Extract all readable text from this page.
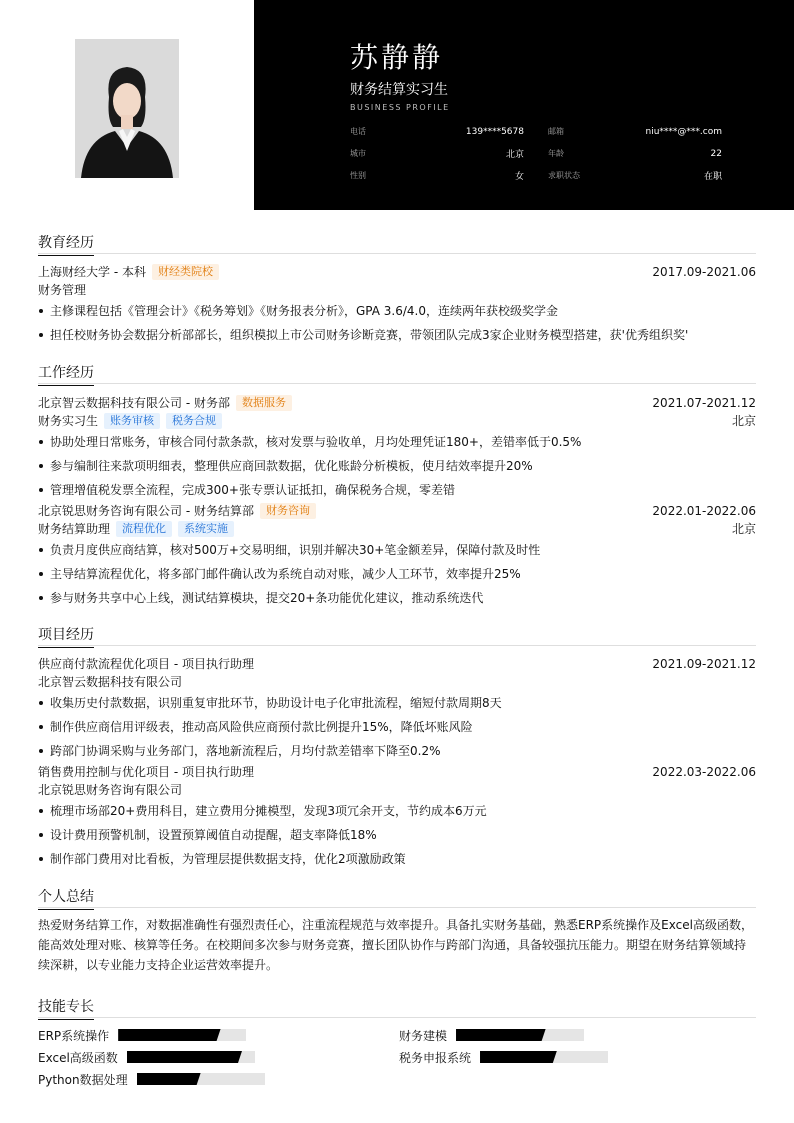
苏静静
财务结算实习生
BUSINESS PROFILE
电话	139****5678	邮箱	niu****@***.com
城市	北京	年龄	22
性别	女	求职状态	在职
教育经历
上海财经大学 - 本科	财经类院校	2017.09-2021.06
财务管理
主修课程包括《管理会计》《税务筹划》《财务报表分析》，GPA 3.6/4.0，连续两年获校级奖学金
担任校财务协会数据分析部部长，组织模拟上市公司财务诊断竞赛，带领团队完成3家企业财务模型搭建，获'优秀组织奖'
工作经历
北京智云数据科技有限公司 - 财务部	数据服务	2021.07-2021.12
财务实习生	账务审核	税务合规	北京
协助处理日常账务，审核合同付款条款，核对发票与验收单，月均处理凭证180+，差错率低于0.5%
参与编制往来款项明细表，整理供应商回款数据，优化账龄分析模板，使月结效率提升20%
管理增值税发票全流程，完成300+张专票认证抵扣，确保税务合规，零差错
北京锐思财务咨询有限公司 - 财务结算部	财务咨询	2022.01-2022.06
财务结算助理	流程优化	系统实施	北京
负责月度供应商结算，核对500万+交易明细，识别并解决30+笔金额差异，保障付款及时性
主导结算流程优化，将多部门邮件确认改为系统自动对账，减少人工环节，效率提升25%
参与财务共享中心上线，测试结算模块，提交20+条功能优化建议，推动系统迭代
项目经历
供应商付款流程优化项目 - 项目执行助理	2021.09-2021.12
北京智云数据科技有限公司
收集历史付款数据，识别重复审批环节，协助设计电子化审批流程，缩短付款周期8天
制作供应商信用评级表，推动高风险供应商预付款比例提升15%，降低坏账风险
跨部门协调采购与业务部门，落地新流程后，月均付款差错率下降至0.2%
销售费用控制与优化项目 - 项目执行助理	2022.03-2022.06
北京锐思财务咨询有限公司
梳理市场部20+费用科目，建立费用分摊模型，发现3项冗余开支，节约成本6万元
设计费用预警机制，设置预算阈值自动提醒，超支率降低18%
制作部门费用对比看板，为管理层提供数据支持，优化2项激励政策
个人总结
热爱财务结算工作，对数据准确性有强烈责任心，注重流程规范与效率提升。具备扎实财务基础，熟悉ERP系统操作及Excel高级函数，能高效处理对账、核算等任务。在校期间多次参与财务竞赛，擅长团队协作与跨部门沟通，具备较强抗压能力。期望在财务结算领域持续深耕，以专业能力支持企业运营效率提升。
技能专长
ERP系统操作	财务建模
Excel高级函数	税务申报系统
Python数据处理
